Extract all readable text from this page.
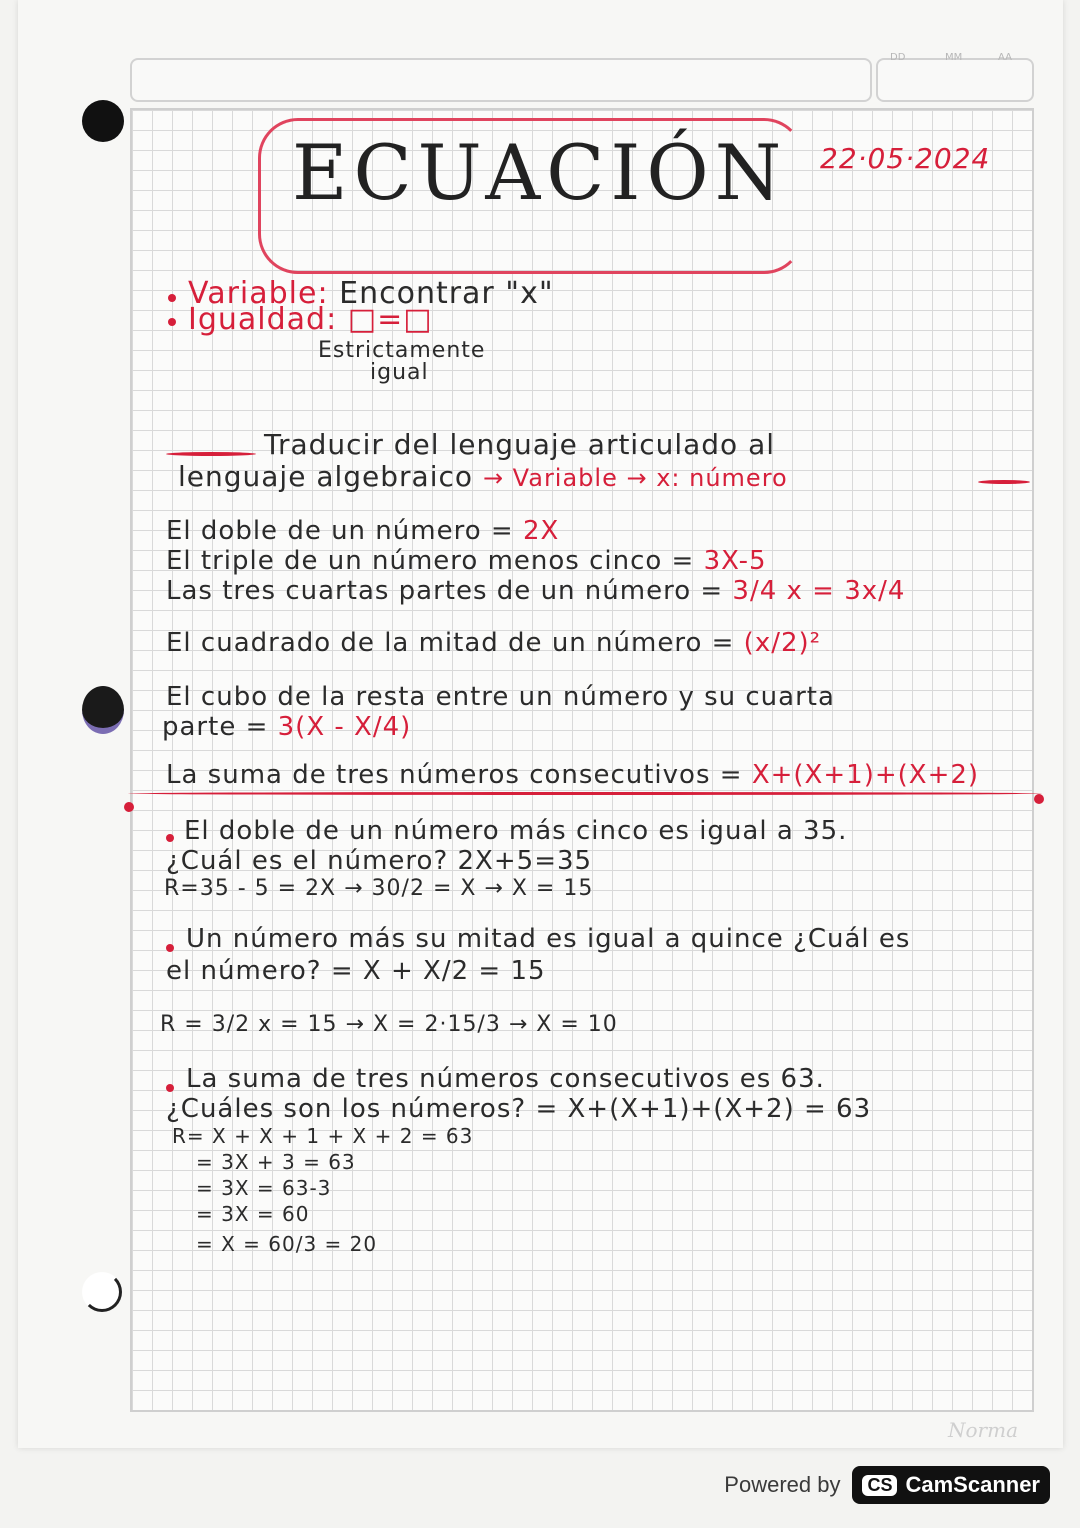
DD	MM	AA
ECUACIÓN 22·05·2024
Variable: Encontrar "x"
Igualdad: □=□
Estrictamente
igual
Traducir del lenguaje articulado al
lenguaje algebraico → Variable → x: número
El doble de un número = 2X
El triple de un número menos cinco = 3X-5
Las tres cuartas partes de un número = 3/4 x = 3x/4
El cuadrado de la mitad de un número = (x/2)²
El cubo de la resta entre un número y su cuarta
parte = 3(X - X/4)
La suma de tres números consecutivos = X+(X+1)+(X+2)
El doble de un número más cinco es igual a 35.
¿Cuál es el número? 2X+5=35
R=35 - 5 = 2X → 30/2 = X → X = 15
Un número más su mitad es igual a quince ¿Cuál es
el número? = X + X/2 = 15
R = 3/2 x = 15 → X = 2·15/3 → X = 10
La suma de tres números consecutivos es 63.
¿Cuáles son los números? = X+(X+1)+(X+2) = 63
R= X + X + 1 + X + 2 = 63
= 3X + 3 = 63
= 3X = 63-3
= 3X = 60
= X = 60/3 = 20
Norma
Powered by CS CamScanner
